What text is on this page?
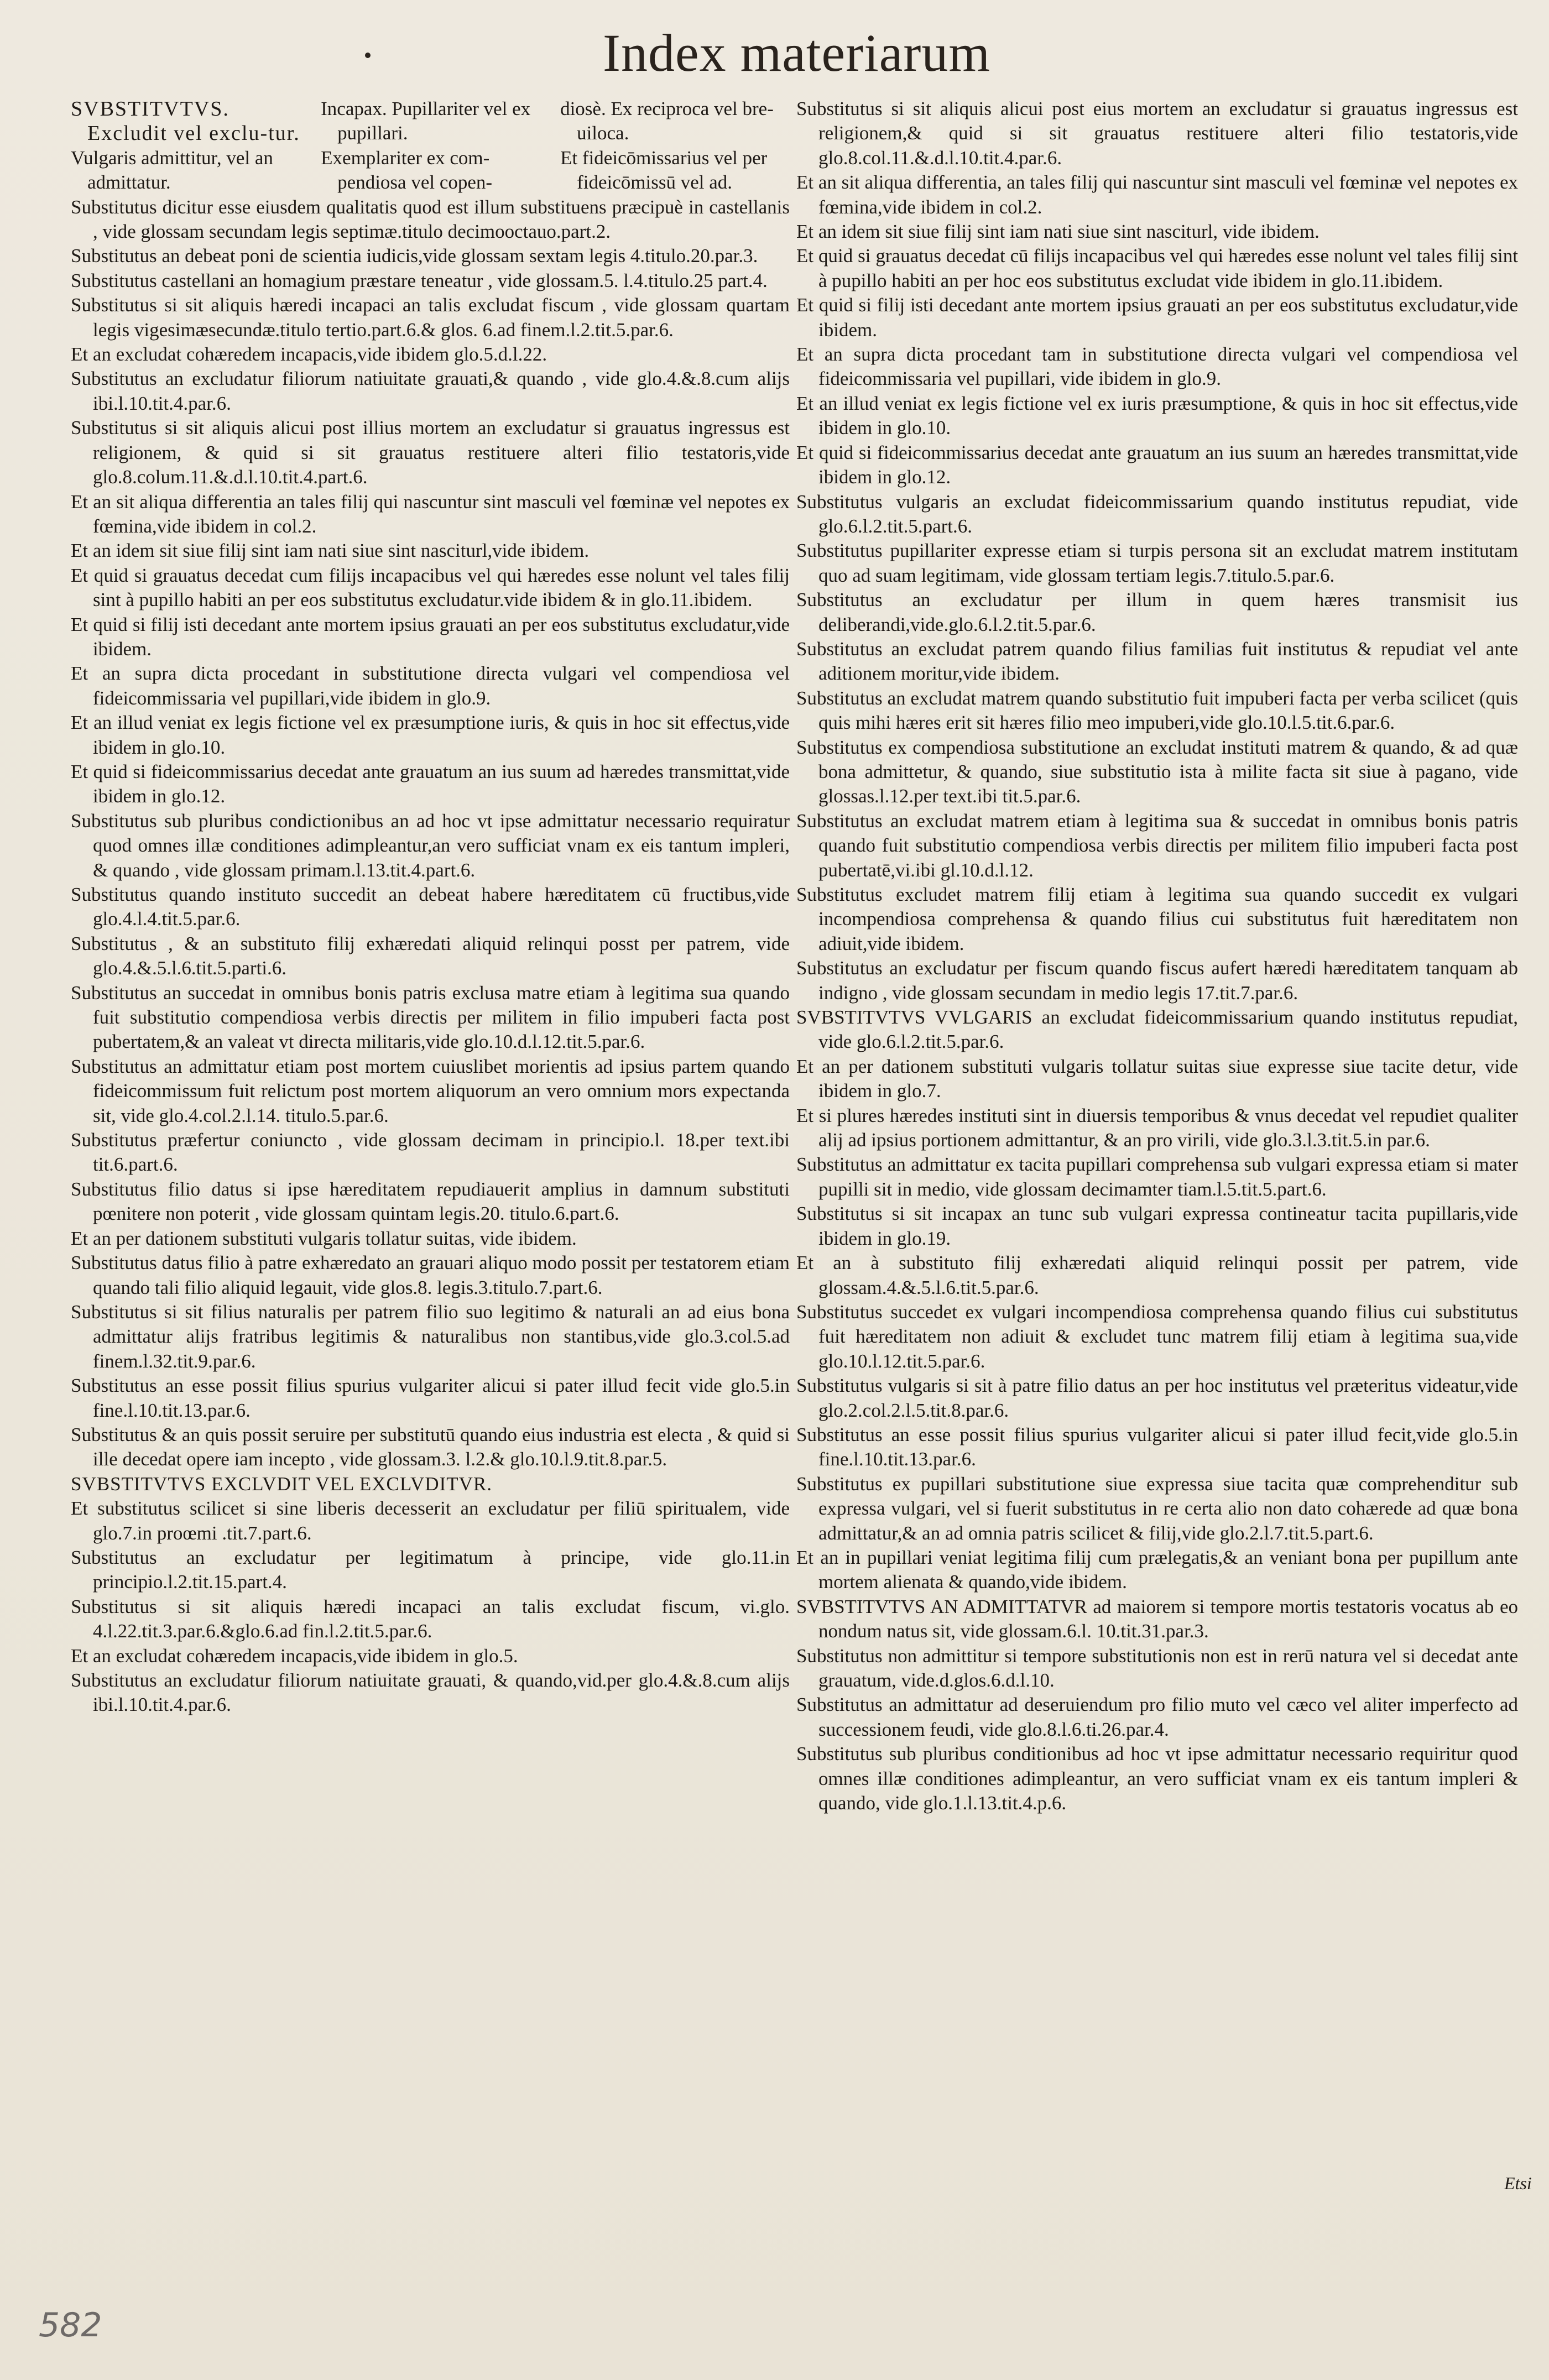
Index materiarum
SVBSTITVTVS. Excludit vel exclu-tur.
Incapax. Pupillariter vel ex pupillari.
diosè. Ex reciproca vel bre-uiloca.
Vulgaris admittitur, vel an admittatur.
Exemplariter ex com-pendiosa vel copen-
Et fideicōmissarius vel per fideicōmissū vel ad.

Substitutus dicitur esse eiusdem qualitatis quod est illum substituens præcipuè in castellanis , vide glossam secundam legis septimæ.titulo decimooctauo.part.2.

Substitutus an debeat poni de scientia iudicis,vide glossam sextam legis 4.titulo.20.par.3.

Substitutus castellani an homagium præstare teneatur , vide glossam.5. l.4.titulo.25 part.4.

Substitutus si sit aliquis hæredi incapaci an talis excludat fiscum , vide glossam quartam legis vigesimæsecundæ.titulo tertio.part.6.& glos. 6.ad finem.l.2.tit.5.par.6.

Et an excludat cohæredem incapacis,vide ibidem glo.5.d.l.22.

Substitutus an excludatur filiorum natiuitate grauati,& quando , vide glo.4.&.8.cum alijs ibi.l.10.tit.4.par.6.

Substitutus si sit aliquis alicui post illius mortem an excludatur si grauatus ingressus est religionem, & quid si sit grauatus restituere alteri filio testatoris,vide glo.8.colum.11.&.d.l.10.tit.4.part.6.

Et an sit aliqua differentia an tales filij qui nascuntur sint masculi vel fœminæ vel nepotes ex fœmina,vide ibidem in col.2.

Et an idem sit siue filij sint iam nati siue sint nasciturl,vide ibidem.

Et quid si grauatus decedat cum filijs incapacibus vel qui hæredes esse nolunt vel tales filij sint à pupillo habiti an per eos substitutus excludatur.vide ibidem & in glo.11.ibidem.

Et quid si filij isti decedant ante mortem ipsius grauati an per eos substitutus excludatur,vide ibidem.

Et an supra dicta procedant in substitutione directa vulgari vel compendiosa vel fideicommissaria vel pupillari,vide ibidem in glo.9.

Et an illud veniat ex legis fictione vel ex præsumptione iuris, & quis in hoc sit effectus,vide ibidem in glo.10.

Et quid si fideicommissarius decedat ante grauatum an ius suum ad hæredes transmittat,vide ibidem in glo.12.

Substitutus sub pluribus condictionibus an ad hoc vt ipse admittatur necessario requiratur quod omnes illæ conditiones adimpleantur,an vero sufficiat vnam ex eis tantum impleri, & quando , vide glossam primam.l.13.tit.4.part.6.

Substitutus quando instituto succedit an debeat habere hæreditatem cū fructibus,vide glo.4.l.4.tit.5.par.6.

Substitutus , & an substituto filij exhæredati aliquid relinqui posst per patrem, vide glo.4.&.5.l.6.tit.5.parti.6.

Substitutus an succedat in omnibus bonis patris exclusa matre etiam à legitima sua quando fuit substitutio compendiosa verbis directis per militem in filio impuberi facta post pubertatem,& an valeat vt directa militaris,vide glo.10.d.l.12.tit.5.par.6.

Substitutus an admittatur etiam post mortem cuiuslibet morientis ad ipsius partem quando fideicommissum fuit relictum post mortem aliquorum an vero omnium mors expectanda sit, vide glo.4.col.2.l.14. titulo.5.par.6.

Substitutus præfertur coniuncto , vide glossam decimam in principio.l. 18.per text.ibi tit.6.part.6.

Substitutus filio datus si ipse hæreditatem repudiauerit amplius in damnum substituti pœnitere non poterit , vide glossam quintam legis.20. titulo.6.part.6.

Et an per dationem substituti vulgaris tollatur suitas, vide ibidem.

Substitutus datus filio à patre exhæredato an grauari aliquo modo possit per testatorem etiam quando tali filio aliquid legauit, vide glos.8. legis.3.titulo.7.part.6.

Substitutus si sit filius naturalis per patrem filio suo legitimo & naturali an ad eius bona admittatur alijs fratribus legitimis & naturalibus non stantibus,vide glo.3.col.5.ad finem.l.32.tit.9.par.6.

Substitutus an esse possit filius spurius vulgariter alicui si pater illud fecit vide glo.5.in fine.l.10.tit.13.par.6.

Substitutus & an quis possit seruire per substitutū quando eius industria est electa , & quid si ille decedat opere iam incepto , vide glossam.3. l.2.& glo.10.l.9.tit.8.par.5.

SVBSTITVTVS EXCLVDIT VEL EXCLVDITVR.

Et substitutus scilicet si sine liberis decesserit an excludatur per filiū spiritualem, vide glo.7.in proœmi .tit.7.part.6.

Substitutus an excludatur per legitimatum à principe, vide glo.11.in principio.l.2.tit.15.part.4.

Substitutus si sit aliquis hæredi incapaci an talis excludat fiscum, vi.glo. 4.l.22.tit.3.par.6.&glo.6.ad fin.l.2.tit.5.par.6.

Et an excludat cohæredem incapacis,vide ibidem in glo.5.

Substitutus an excludatur filiorum natiuitate grauati, & quando,vid.per glo.4.&.8.cum alijs ibi.l.10.tit.4.par.6.

Substitutus si sit aliquis alicui post eius mortem an excludatur si grauatus ingressus est religionem,& quid si sit grauatus restituere alteri filio testatoris,vide glo.8.col.11.&.d.l.10.tit.4.par.6.

Et an sit aliqua differentia, an tales filij qui nascuntur sint masculi vel fœminæ vel nepotes ex fœmina,vide ibidem in col.2.

Et an idem sit siue filij sint iam nati siue sint nasciturl, vide ibidem.

Et quid si grauatus decedat cū filijs incapacibus vel qui hæredes esse nolunt vel tales filij sint à pupillo habiti an per hoc eos substitutus excludat vide ibidem in glo.11.ibidem.

Et quid si filij isti decedant ante mortem ipsius grauati an per eos substitutus excludatur,vide ibidem.

Et an supra dicta procedant tam in substitutione directa vulgari vel compendiosa vel fideicommissaria vel pupillari, vide ibidem in glo.9.

Et an illud veniat ex legis fictione vel ex iuris præsumptione, & quis in hoc sit effectus,vide ibidem in glo.10.

Et quid si fideicommissarius decedat ante grauatum an ius suum an hæredes transmittat,vide ibidem in glo.12.

Substitutus vulgaris an excludat fideicommissarium quando institutus repudiat, vide glo.6.l.2.tit.5.part.6.

Substitutus pupillariter expresse etiam si turpis persona sit an excludat matrem institutam quo ad suam legitimam, vide glossam tertiam legis.7.titulo.5.par.6.

Substitutus an excludatur per illum in quem hæres transmisit ius deliberandi,vide.glo.6.l.2.tit.5.par.6.

Substitutus an excludat patrem quando filius familias fuit institutus & repudiat vel ante aditionem moritur,vide ibidem.

Substitutus an excludat matrem quando substitutio fuit impuberi facta per verba scilicet (quis quis mihi hæres erit sit hæres filio meo impuberi,vide glo.10.l.5.tit.6.par.6.

Substitutus ex compendiosa substitutione an excludat instituti matrem & quando, & ad quæ bona admittetur, & quando, siue substitutio ista à milite facta sit siue à pagano, vide glossas.l.12.per text.ibi tit.5.par.6.

Substitutus an excludat matrem etiam à legitima sua & succedat in omnibus bonis patris quando fuit substitutio compendiosa verbis directis per militem filio impuberi facta post pubertatē,vi.ibi gl.10.d.l.12.

Substitutus excludet matrem filij etiam à legitima sua quando succedit ex vulgari incompendiosa comprehensa & quando filius cui substitutus fuit hæreditatem non adiuit,vide ibidem.

Substitutus an excludatur per fiscum quando fiscus aufert hæredi hæreditatem tanquam ab indigno , vide glossam secundam in medio legis 17.tit.7.par.6.

SVBSTITVTVS VVLGARIS an excludat fideicommissarium quando institutus repudiat, vide glo.6.l.2.tit.5.par.6.

Et an per dationem substituti vulgaris tollatur suitas siue expresse siue tacite detur, vide ibidem in glo.7.

Et si plures hæredes instituti sint in diuersis temporibus & vnus decedat vel repudiet qualiter alij ad ipsius portionem admittantur, & an pro virili, vide glo.3.l.3.tit.5.in par.6.

Substitutus an admittatur ex tacita pupillari comprehensa sub vulgari expressa etiam si mater pupilli sit in medio, vide glossam decimamter tiam.l.5.tit.5.part.6.

Substitutus si sit incapax an tunc sub vulgari expressa contineatur tacita pupillaris,vide ibidem in glo.19.

Et an à substituto filij exhæredati aliquid relinqui possit per patrem, vide glossam.4.&.5.l.6.tit.5.par.6.

Substitutus succedet ex vulgari incompendiosa comprehensa quando filius cui substitutus fuit hæreditatem non adiuit & excludet tunc matrem filij etiam à legitima sua,vide glo.10.l.12.tit.5.par.6.

Substitutus vulgaris si sit à patre filio datus an per hoc institutus vel præteritus videatur,vide glo.2.col.2.l.5.tit.8.par.6.

Substitutus an esse possit filius spurius vulgariter alicui si pater illud fecit,vide glo.5.in fine.l.10.tit.13.par.6.

Substitutus ex pupillari substitutione siue expressa siue tacita quæ comprehenditur sub expressa vulgari, vel si fuerit substitutus in re certa alio non dato cohærede ad quæ bona admittatur,& an ad omnia patris scilicet & filij,vide glo.2.l.7.tit.5.part.6.

Et an in pupillari veniat legitima filij cum prælegatis,& an veniant bona per pupillum ante mortem alienata & quando,vide ibidem.

SVBSTITVTVS AN ADMITTATVR ad maiorem si tempore mortis testatoris vocatus ab eo nondum natus sit, vide glossam.6.l. 10.tit.31.par.3.

Substitutus non admittitur si tempore substitutionis non est in rerū natura vel si decedat ante grauatum, vide.d.glos.6.d.l.10.

Substitutus an admittatur ad deseruiendum pro filio muto vel cæco vel aliter imperfecto ad successionem feudi, vide glo.8.l.6.ti.26.par.4.

Substitutus sub pluribus conditionibus ad hoc vt ipse admittatur necessario requiritur quod omnes illæ conditiones adimpleantur, an vero sufficiat vnam ex eis tantum impleri & quando, vide glo.1.l.13.tit.4.p.6.

Etsi
582
